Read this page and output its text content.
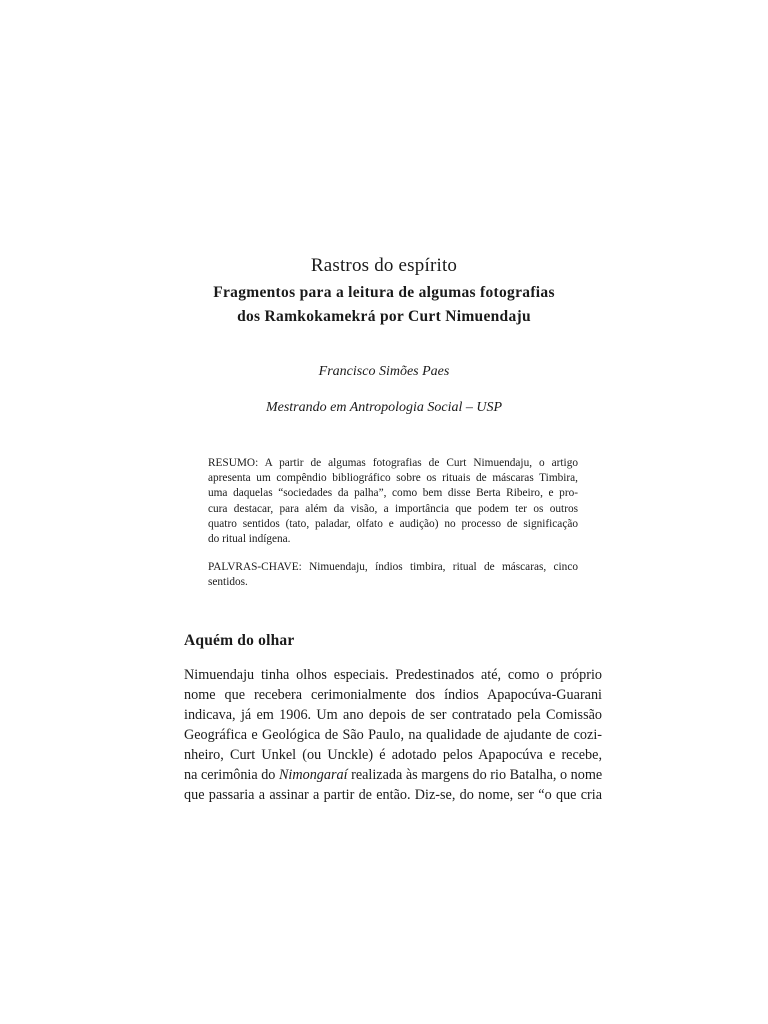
Rastros do espírito
Fragmentos para a leitura de algumas fotografias
dos Ramkokamekrá por Curt Nimuendaju
Francisco Simões Paes
Mestrando em Antropologia Social – USP
RESUMO: A partir de algumas fotografias de Curt Nimuendaju, o artigo
apresenta um compêndio bibliográfico sobre os rituais de máscaras Timbira,
uma daquelas “sociedades da palha”, como bem disse Berta Ribeiro, e pro-
cura destacar, para além da visão, a importância que podem ter os outros
quatro sentidos (tato, paladar, olfato e audição) no processo de significação
do ritual indígena.
PALVRAS-CHAVE: Nimuendaju, índios timbira, ritual de máscaras, cinco
sentidos.
Aquém do olhar
Nimuendaju tinha olhos especiais. Predestinados até, como o próprio
nome que recebera cerimonialmente dos índios Apapocúva-Guarani
indicava, já em 1906. Um ano depois de ser contratado pela Comissão
Geográfica e Geológica de São Paulo, na qualidade de ajudante de cozi-
nheiro, Curt Unkel (ou Unckle) é adotado pelos Apapocúva e recebe,
na cerimônia do Nimongaraí realizada às margens do rio Batalha, o nome
que passaria a assinar a partir de então. Diz-se, do nome, ser “o que cria
